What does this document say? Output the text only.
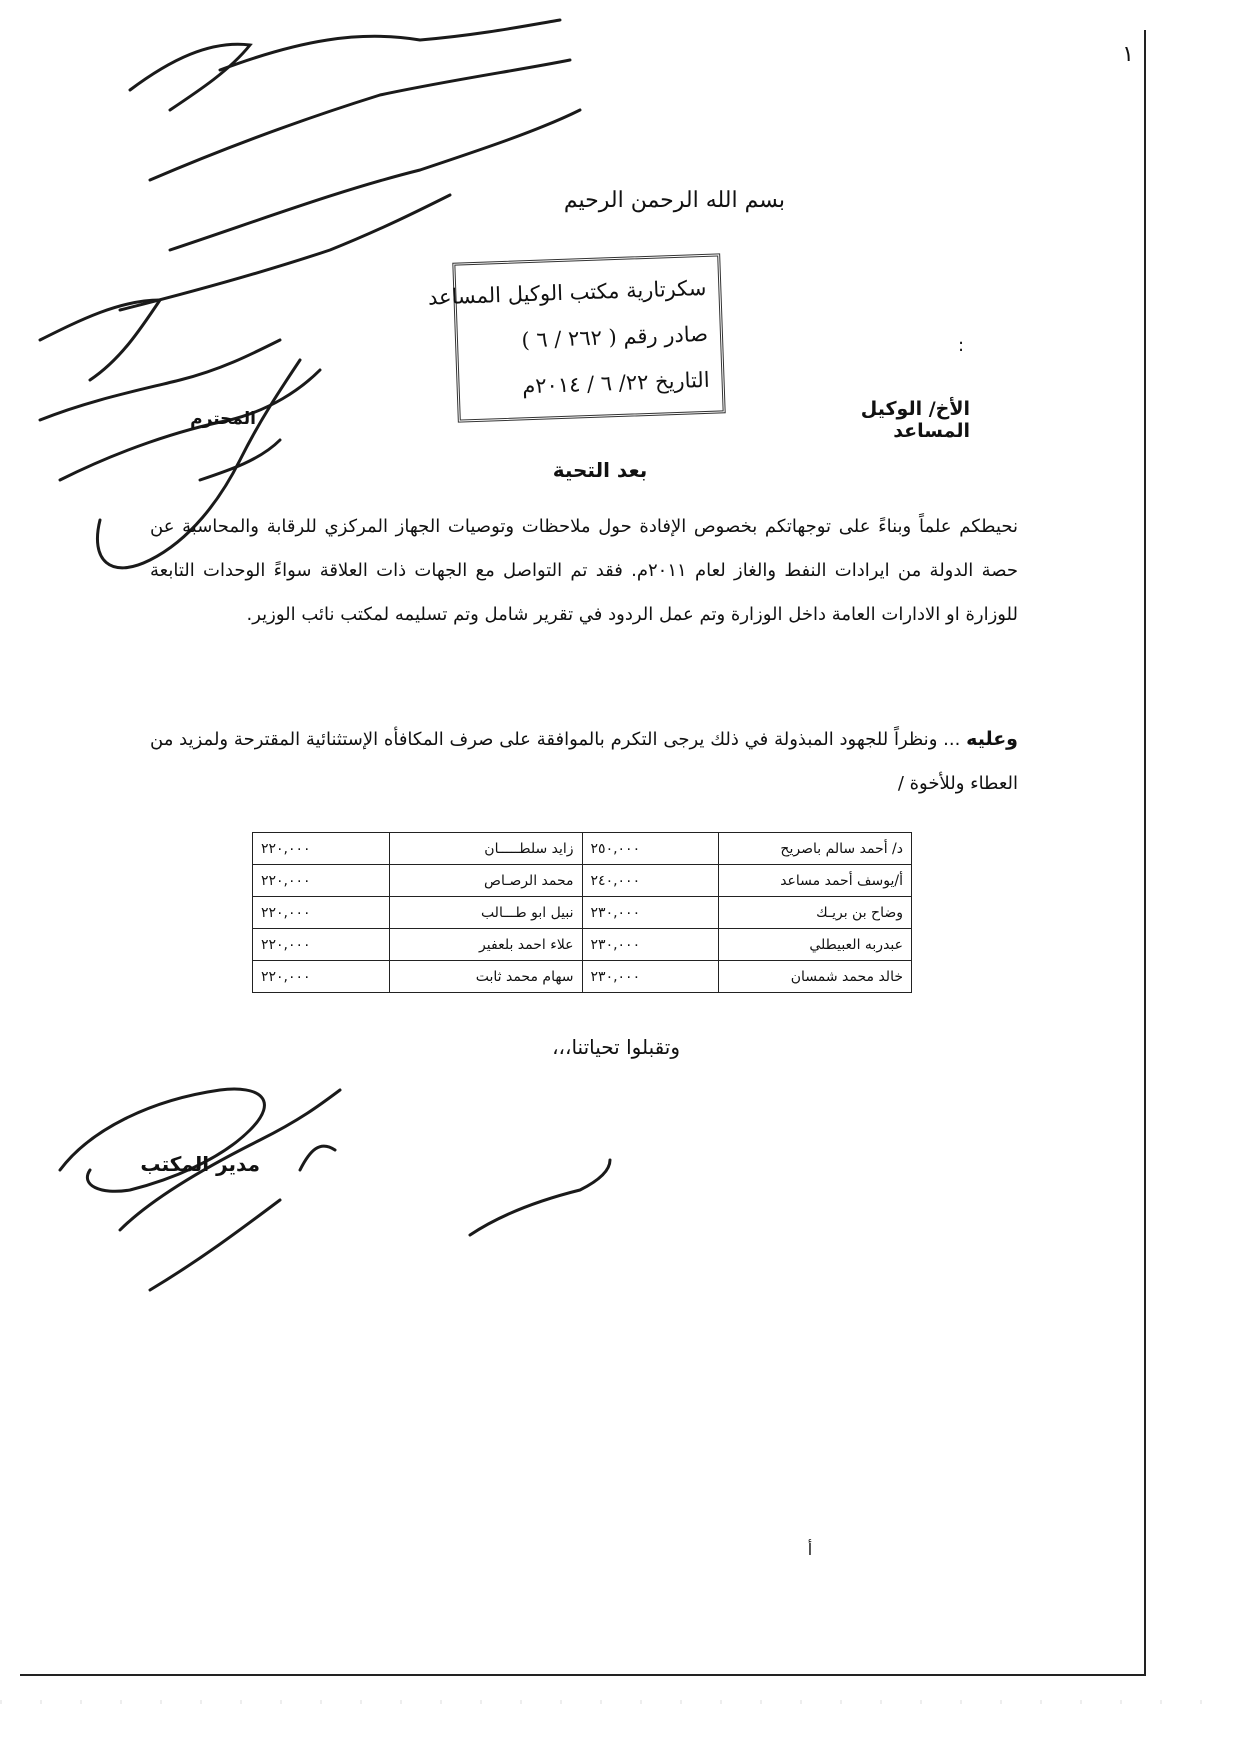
١
بسم الله الرحمن الرحيم
سكرتارية مكتب الوكيل المساعد
صادر رقم ( ٢٦٢ / ٦ )
التاريخ ٢٢/ ٦ / ٢٠١٤م
:
الأخ/ الوكيل المساعد
المحترم
بعد التحية
نحيطكم علماً وبناءً على توجهاتكم بخصوص الإفادة حول ملاحظات وتوصيات الجهاز المركزي للرقابة والمحاسبة عن حصة الدولة من ايرادات النفط والغاز لعام ٢٠١١م. فقد تم التواصل مع الجهات ذات العلاقة سواءً الوحدات التابعة للوزارة او الادارات العامة داخل الوزارة وتم عمل الردود في تقرير شامل وتم تسليمه لمكتب نائب الوزير.
وعليه ... ونظراً للجهود المبذولة في ذلك يرجى التكرم بالموافقة على صرف المكافأه الإستثنائية المقترحة ولمزيد من العطاء وللأخوة /
د/ أحمد سالم باصريح	٢٥٠,٠٠٠	زايد سلطـــــان	٢٢٠,٠٠٠
أ/يوسف أحمد مساعد	٢٤٠,٠٠٠	محمد الرصـاص	٢٢٠,٠٠٠
وضاح بن بريـك	٢٣٠,٠٠٠	نبيل ابو طـــالب	٢٢٠,٠٠٠
عبدربه العبيطلي	٢٣٠,٠٠٠	علاء احمد بلعفير	٢٢٠,٠٠٠
خالد محمد شمسان	٢٣٠,٠٠٠	سهام محمد ثابت	٢٢٠,٠٠٠
وتقبلوا تحياتنا،،،
مدير المكتب
أ
